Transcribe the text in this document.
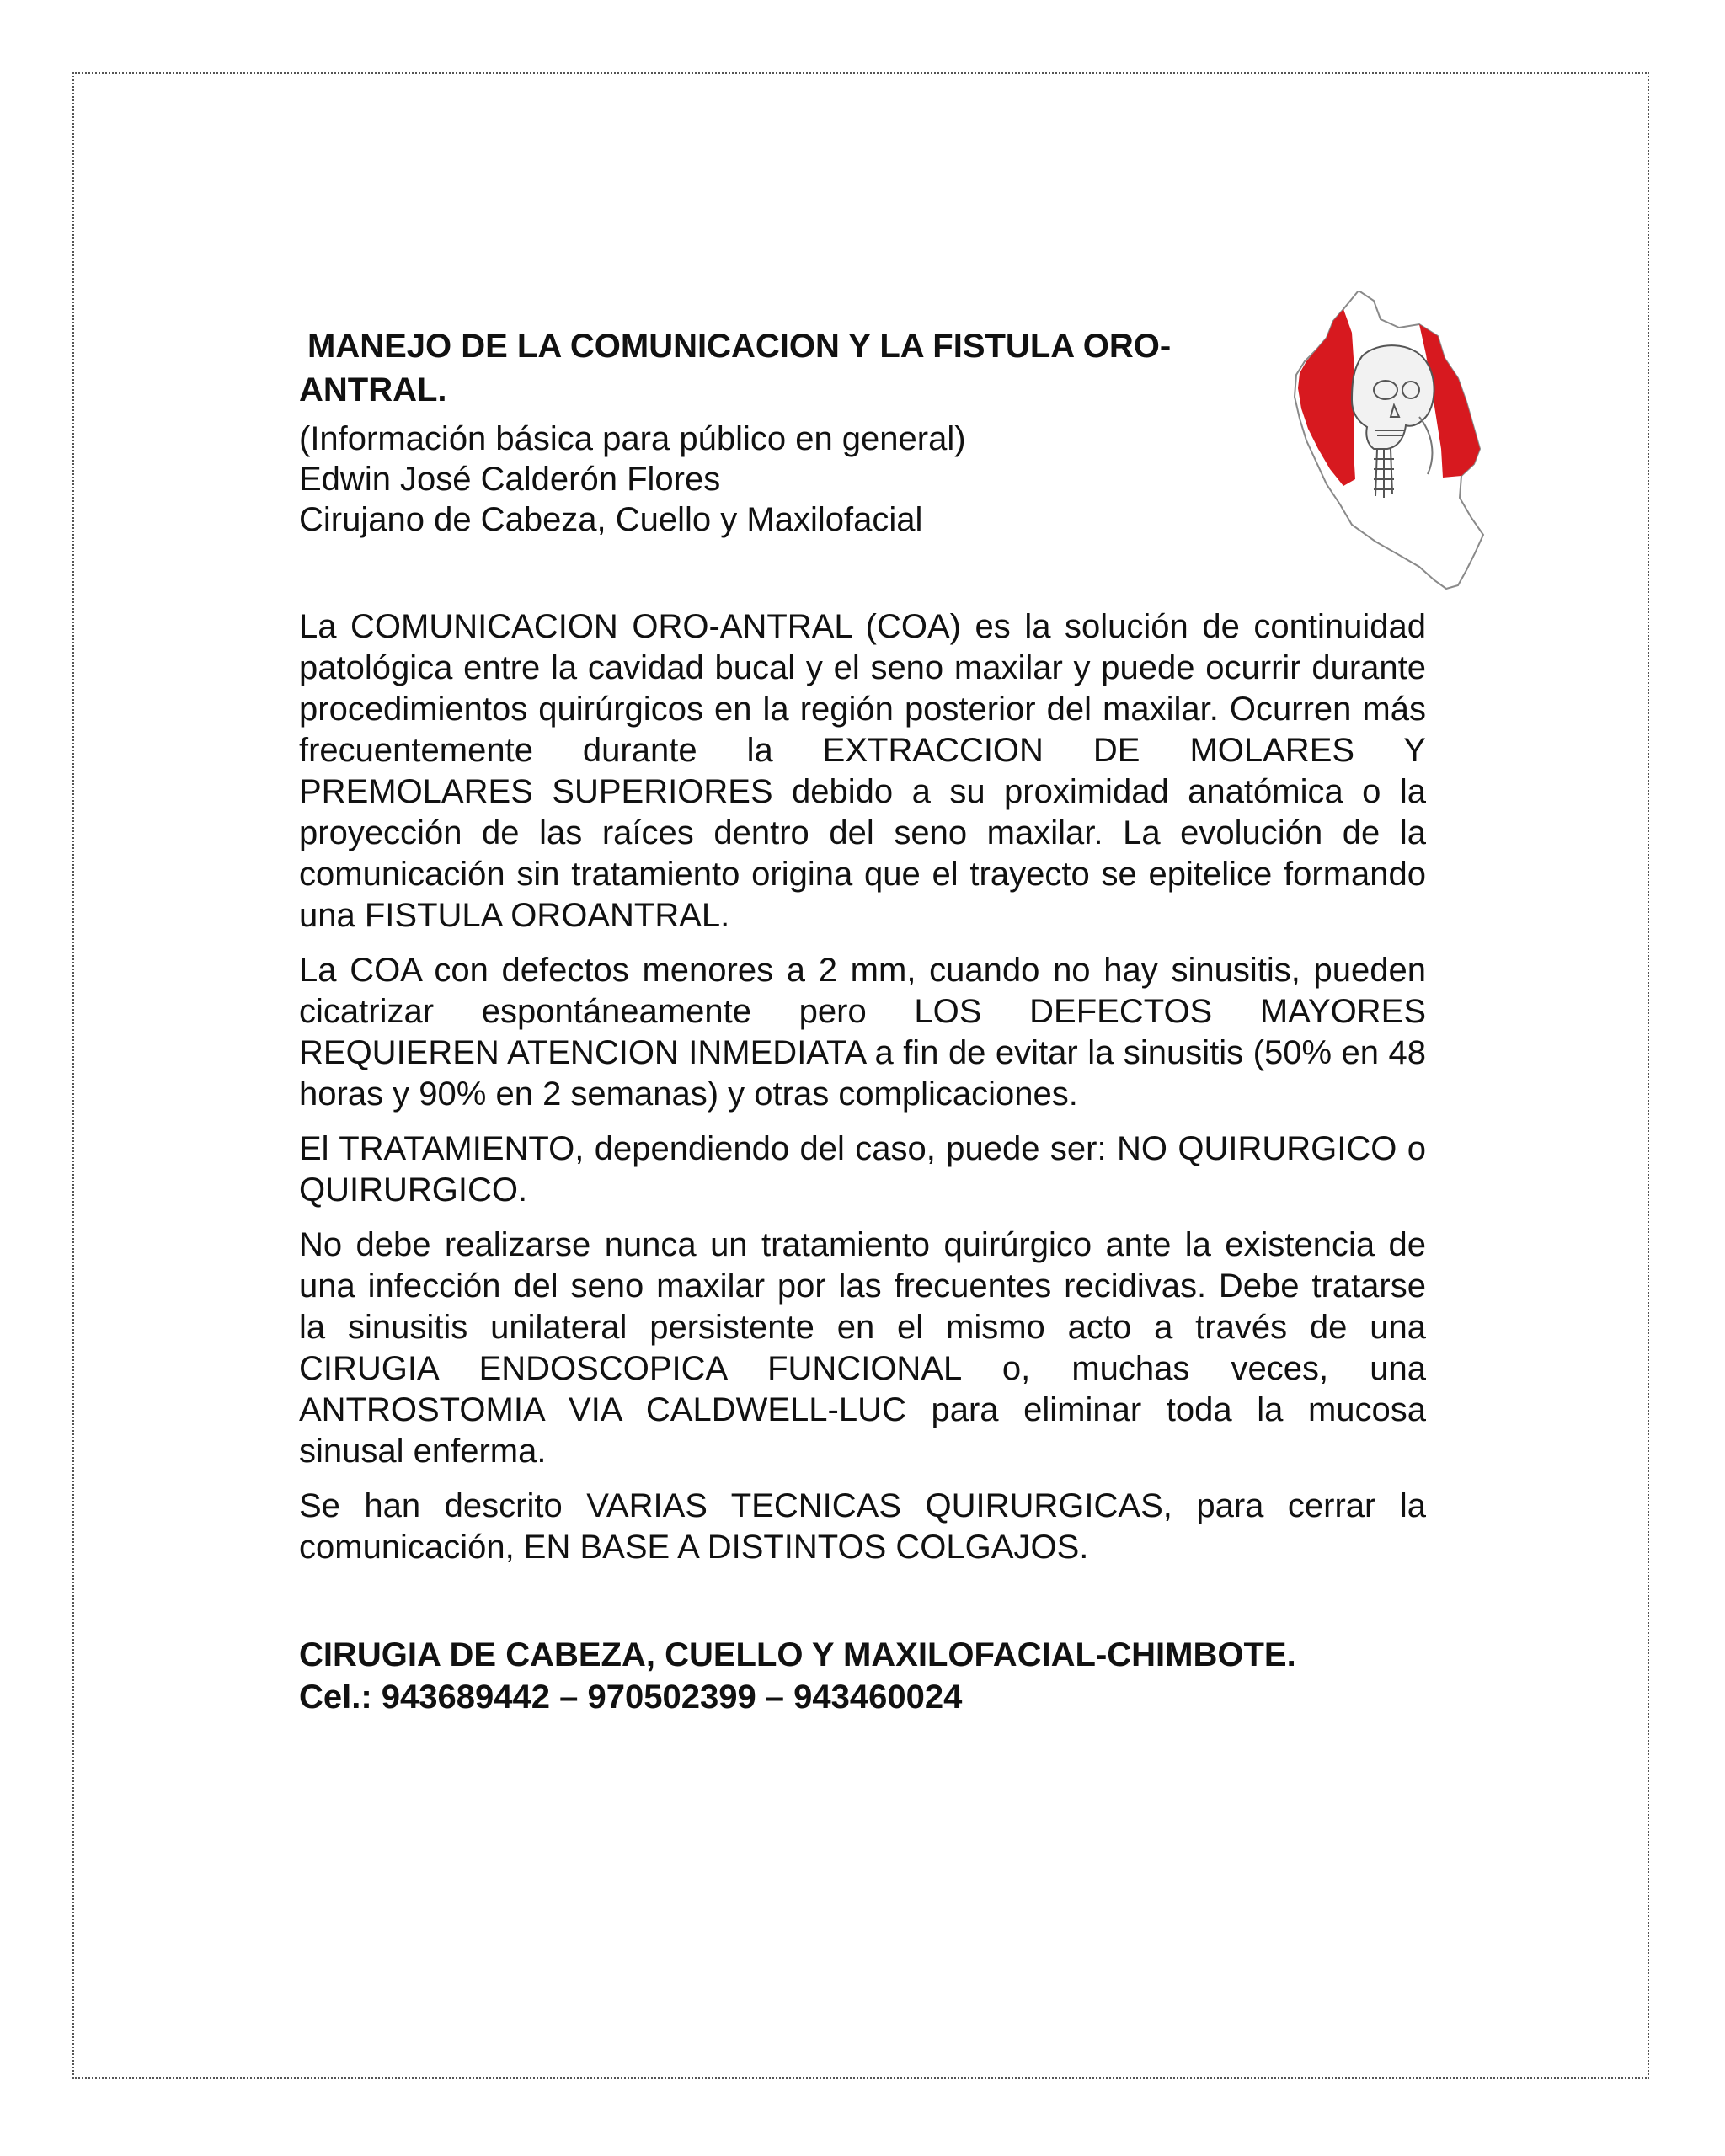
MANEJO DE LA COMUNICACION Y LA FISTULA ORO-ANTRAL.
(Información básica para público en general)
Edwin José Calderón Flores
Cirujano de Cabeza, Cuello y Maxilofacial

La COMUNICACION ORO-ANTRAL (COA) es la solución de continuidad patológica entre la cavidad bucal y el seno maxilar y puede ocurrir durante procedimientos quirúrgicos en la región posterior del maxilar. Ocurren más frecuentemente durante la EXTRACCION DE MOLARES Y PREMOLARES SUPERIORES debido a su proximidad anatómica o la proyección de las raíces dentro del seno maxilar. La evolución de la comunicación sin tratamiento origina que el trayecto se epitelice formando una FISTULA OROANTRAL.

La COA con defectos menores a 2 mm, cuando no hay sinusitis, pueden cicatrizar espontáneamente pero LOS DEFECTOS MAYORES REQUIEREN ATENCION INMEDIATA a fin de evitar la sinusitis (50% en 48 horas y 90% en 2 semanas) y otras complicaciones.

El TRATAMIENTO, dependiendo del caso, puede ser: NO QUIRURGICO o QUIRURGICO.

No debe realizarse nunca un tratamiento quirúrgico ante la existencia de una infección del seno maxilar por las frecuentes recidivas. Debe tratarse la sinusitis unilateral persistente en el mismo acto a través de una CIRUGIA ENDOSCOPICA FUNCIONAL o, muchas veces, una ANTROSTOMIA VIA CALDWELL-LUC para eliminar toda la mucosa sinusal enferma.

Se han descrito VARIAS TECNICAS QUIRURGICAS, para cerrar la comunicación, EN BASE A DISTINTOS COLGAJOS.

CIRUGIA DE CABEZA, CUELLO Y MAXILOFACIAL-CHIMBOTE.
Cel.: 943689442 – 970502399 – 943460024
